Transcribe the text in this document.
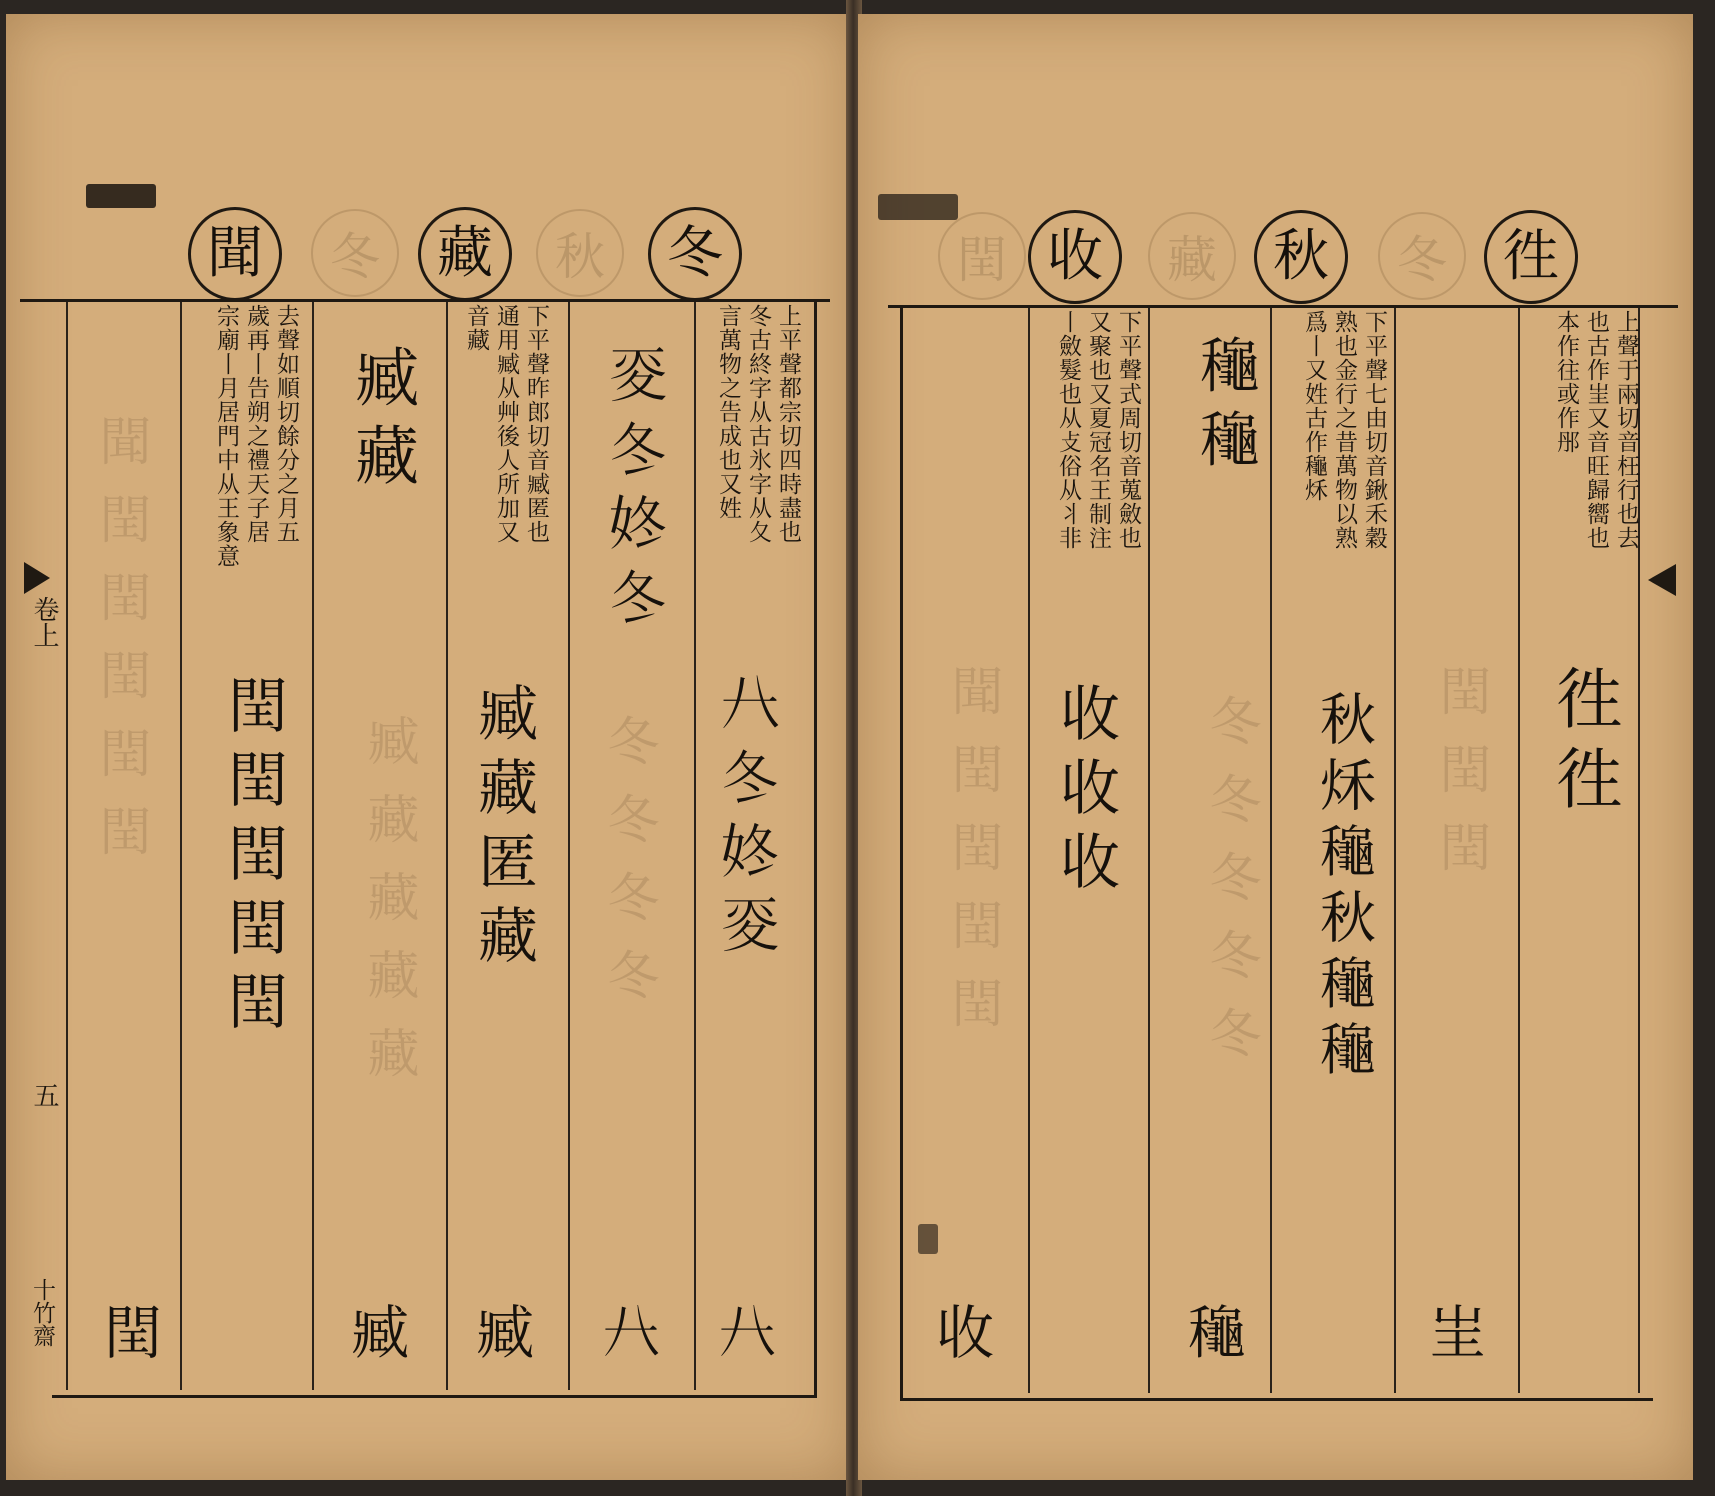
聞	冬	藏	秋	冬
卷上
五
十竹齋
聞閏閏閏閏閏
臧藏藏藏藏	冬冬冬冬
上平聲都宗切四時盡也
冬古終字从古氷字从夂
言萬物之告成也又姓
𡕢冬㚵冬
𠔀冬㚵𡕢
𠔀
𠔀
下平聲昨郎切音臧匿也
通用臧从艸後人所加又
音藏
臧藏
臧藏匿藏
臧
臧
去聲如順切餘分之月五
歲再丨告朔之禮天子居
宗廟丨月居門中从王象意
閏閏閏閏閏
閏
閏 收	藏	秋	冬	徃
聞閏閏閏閏	冬冬冬冬冬	閏閏閏
上聲于兩切音枉行也去
也古作㞷又音旺歸嚮也
本作往或作䢷
徃徃
㞷
下平聲七由切音鍬禾穀
熟也金行之昔萬物以熟
爲丨又姓古作龝秌
龝龝
秋秌龝秋龝龝
龝
下平聲式周切音蒐斂也
又聚也又夏冠名王制注
丨斂髮也从攴俗从丬非
收收收
收
